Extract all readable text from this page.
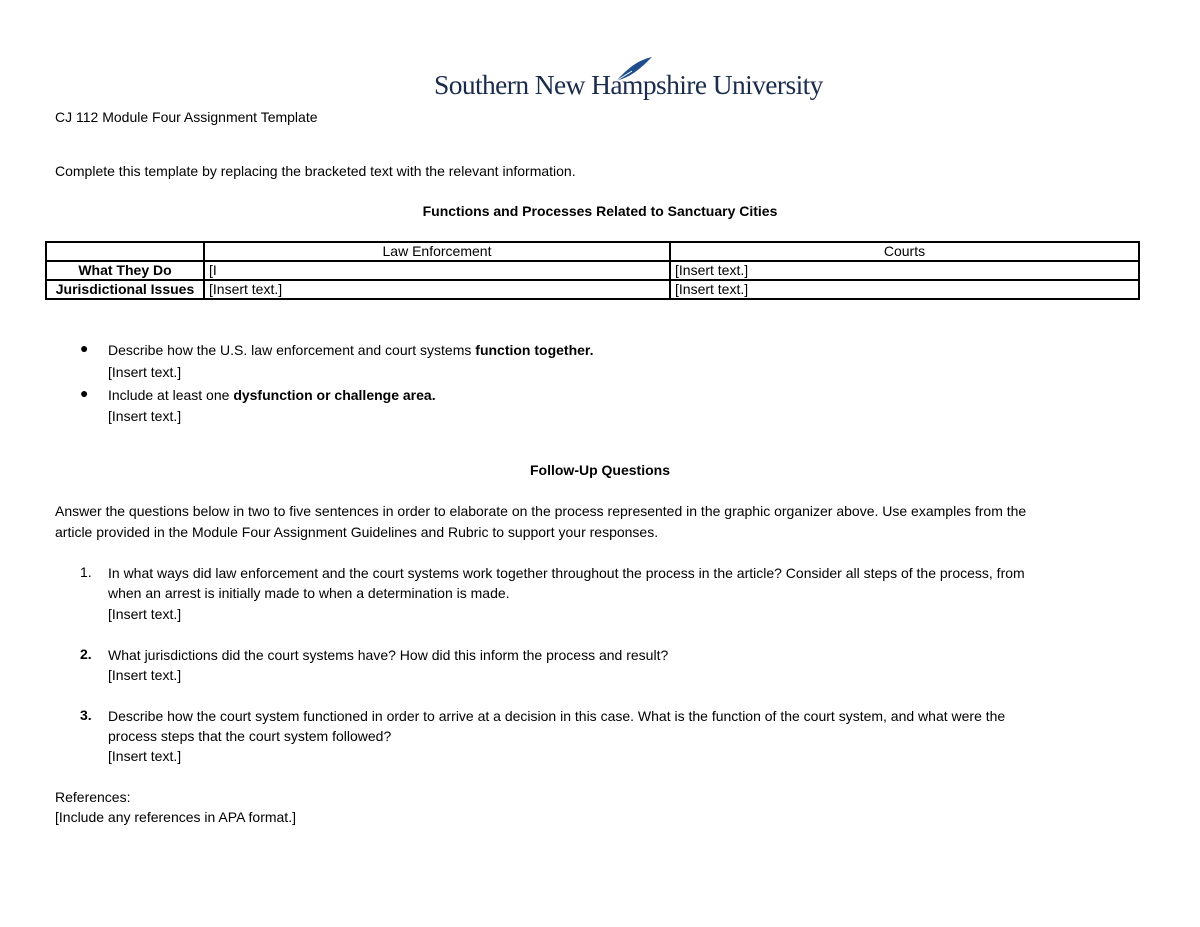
Southern New Hampshire University
CJ 112 Module Four Assignment Template
Complete this template by replacing the bracketed text with the relevant information.
Functions and Processes Related to Sanctuary Cities
	Law Enforcement	Courts
What They Do	[I	[Insert text.]
Jurisdictional Issues	[Insert text.]	[Insert text.]
● Describe how the U.S. law enforcement and court systems function together.
[Insert text.]
● Include at least one dysfunction or challenge area.
[Insert text.]
Follow-Up Questions
Answer the questions below in two to five sentences in order to elaborate on the process represented in the graphic organizer above. Use examples from the
article provided in the Module Four Assignment Guidelines and Rubric to support your responses.
1. In what ways did law enforcement and the court systems work together throughout the process in the article? Consider all steps of the process, from
when an arrest is initially made to when a determination is made.
[Insert text.]
2. What jurisdictions did the court systems have? How did this inform the process and result?
[Insert text.]
3. Describe how the court system functioned in order to arrive at a decision in this case. What is the function of the court system, and what were the
process steps that the court system followed?
[Insert text.]
References:
[Include any references in APA format.]
